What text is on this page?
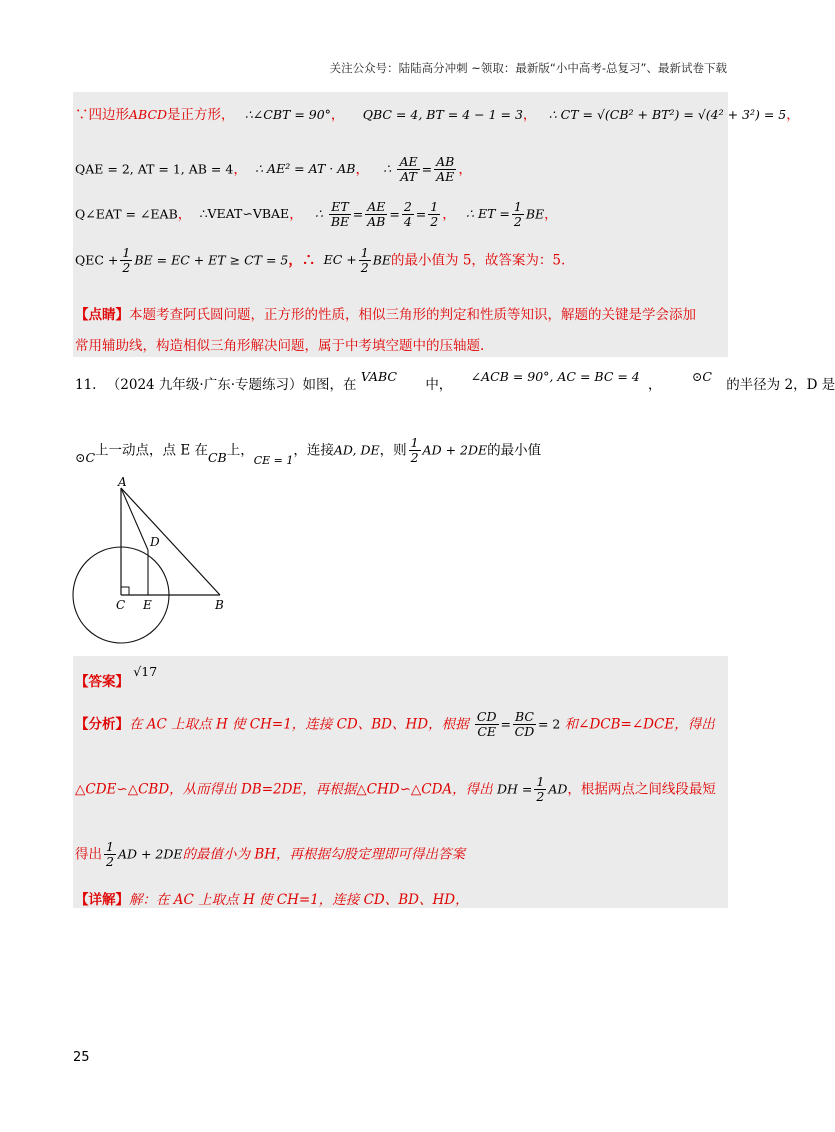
关注公众号：陆陆高分冲刺 ~领取：最新版“小中高考-总复习”、最新试卷下载
∵四边形ABCD是正方形， ∴∠CBT = 90°， QBC = 4, BT = 4 − 1 = 3， ∴ CT = √(CB² + BT²) = √(4² + 3²) = 5，
QAE = 2, AT = 1, AB = 4， ∴ AE² = AT · AB， ∴ $\frac{AE}{AT} = \frac{AB}{AE}$ ，
Q∠EAT = ∠EAB， ∴VEAT∽VBAE， ∴ $\frac{ET}{BE} = \frac{AE}{AB} = \frac{2}{4} = \frac{1}{2}$ ， ∴ ET = $\frac{1}{2}$ BE，
QEC + $\frac{1}{2}$ BE = EC + ET ≥ CT = 5，∴ EC + $\frac{1}{2}$ BE的最小值为 5，故答案为：5.
【点睛】本题考查阿氏圆问题，正方形的性质，相似三角形的判定和性质等知识，解题的关键是学会添加
常用辅助线，构造相似三角形解决问题，属于中考填空题中的压轴题.
11. （2024 九年级·广东·专题练习）如图，在 VABC 中， ∠ACB = 90°, AC = BC = 4 ， ⊙C 的半径为 2，D 是
⊙C上一动点，点 E 在CB上，$_{CE = 1}$，连接AD, DE，则 $\frac{1}{2}$ AD + 2DE的最小值
A
D
C E	B
【答案】 √17
【分析】在 AC 上取点 H 使 CH=1，连接 CD、BD、HD，根据 $\frac{CD}{CE} = \frac{BC}{CD} = 2$ 和∠DCB=∠DCE，得出
△CDE∽△CBD，从而得出 DB=2DE，再根据△CHD∽△CDA，得出 DH = $\frac{1}{2}$ AD，根据两点之间线段最短
得出 $\frac{1}{2}$ AD + 2DE的最值小为 BH，再根据勾股定理即可得出答案
【详解】解：在 AC 上取点 H 使 CH=1，连接 CD、BD、HD，
25
